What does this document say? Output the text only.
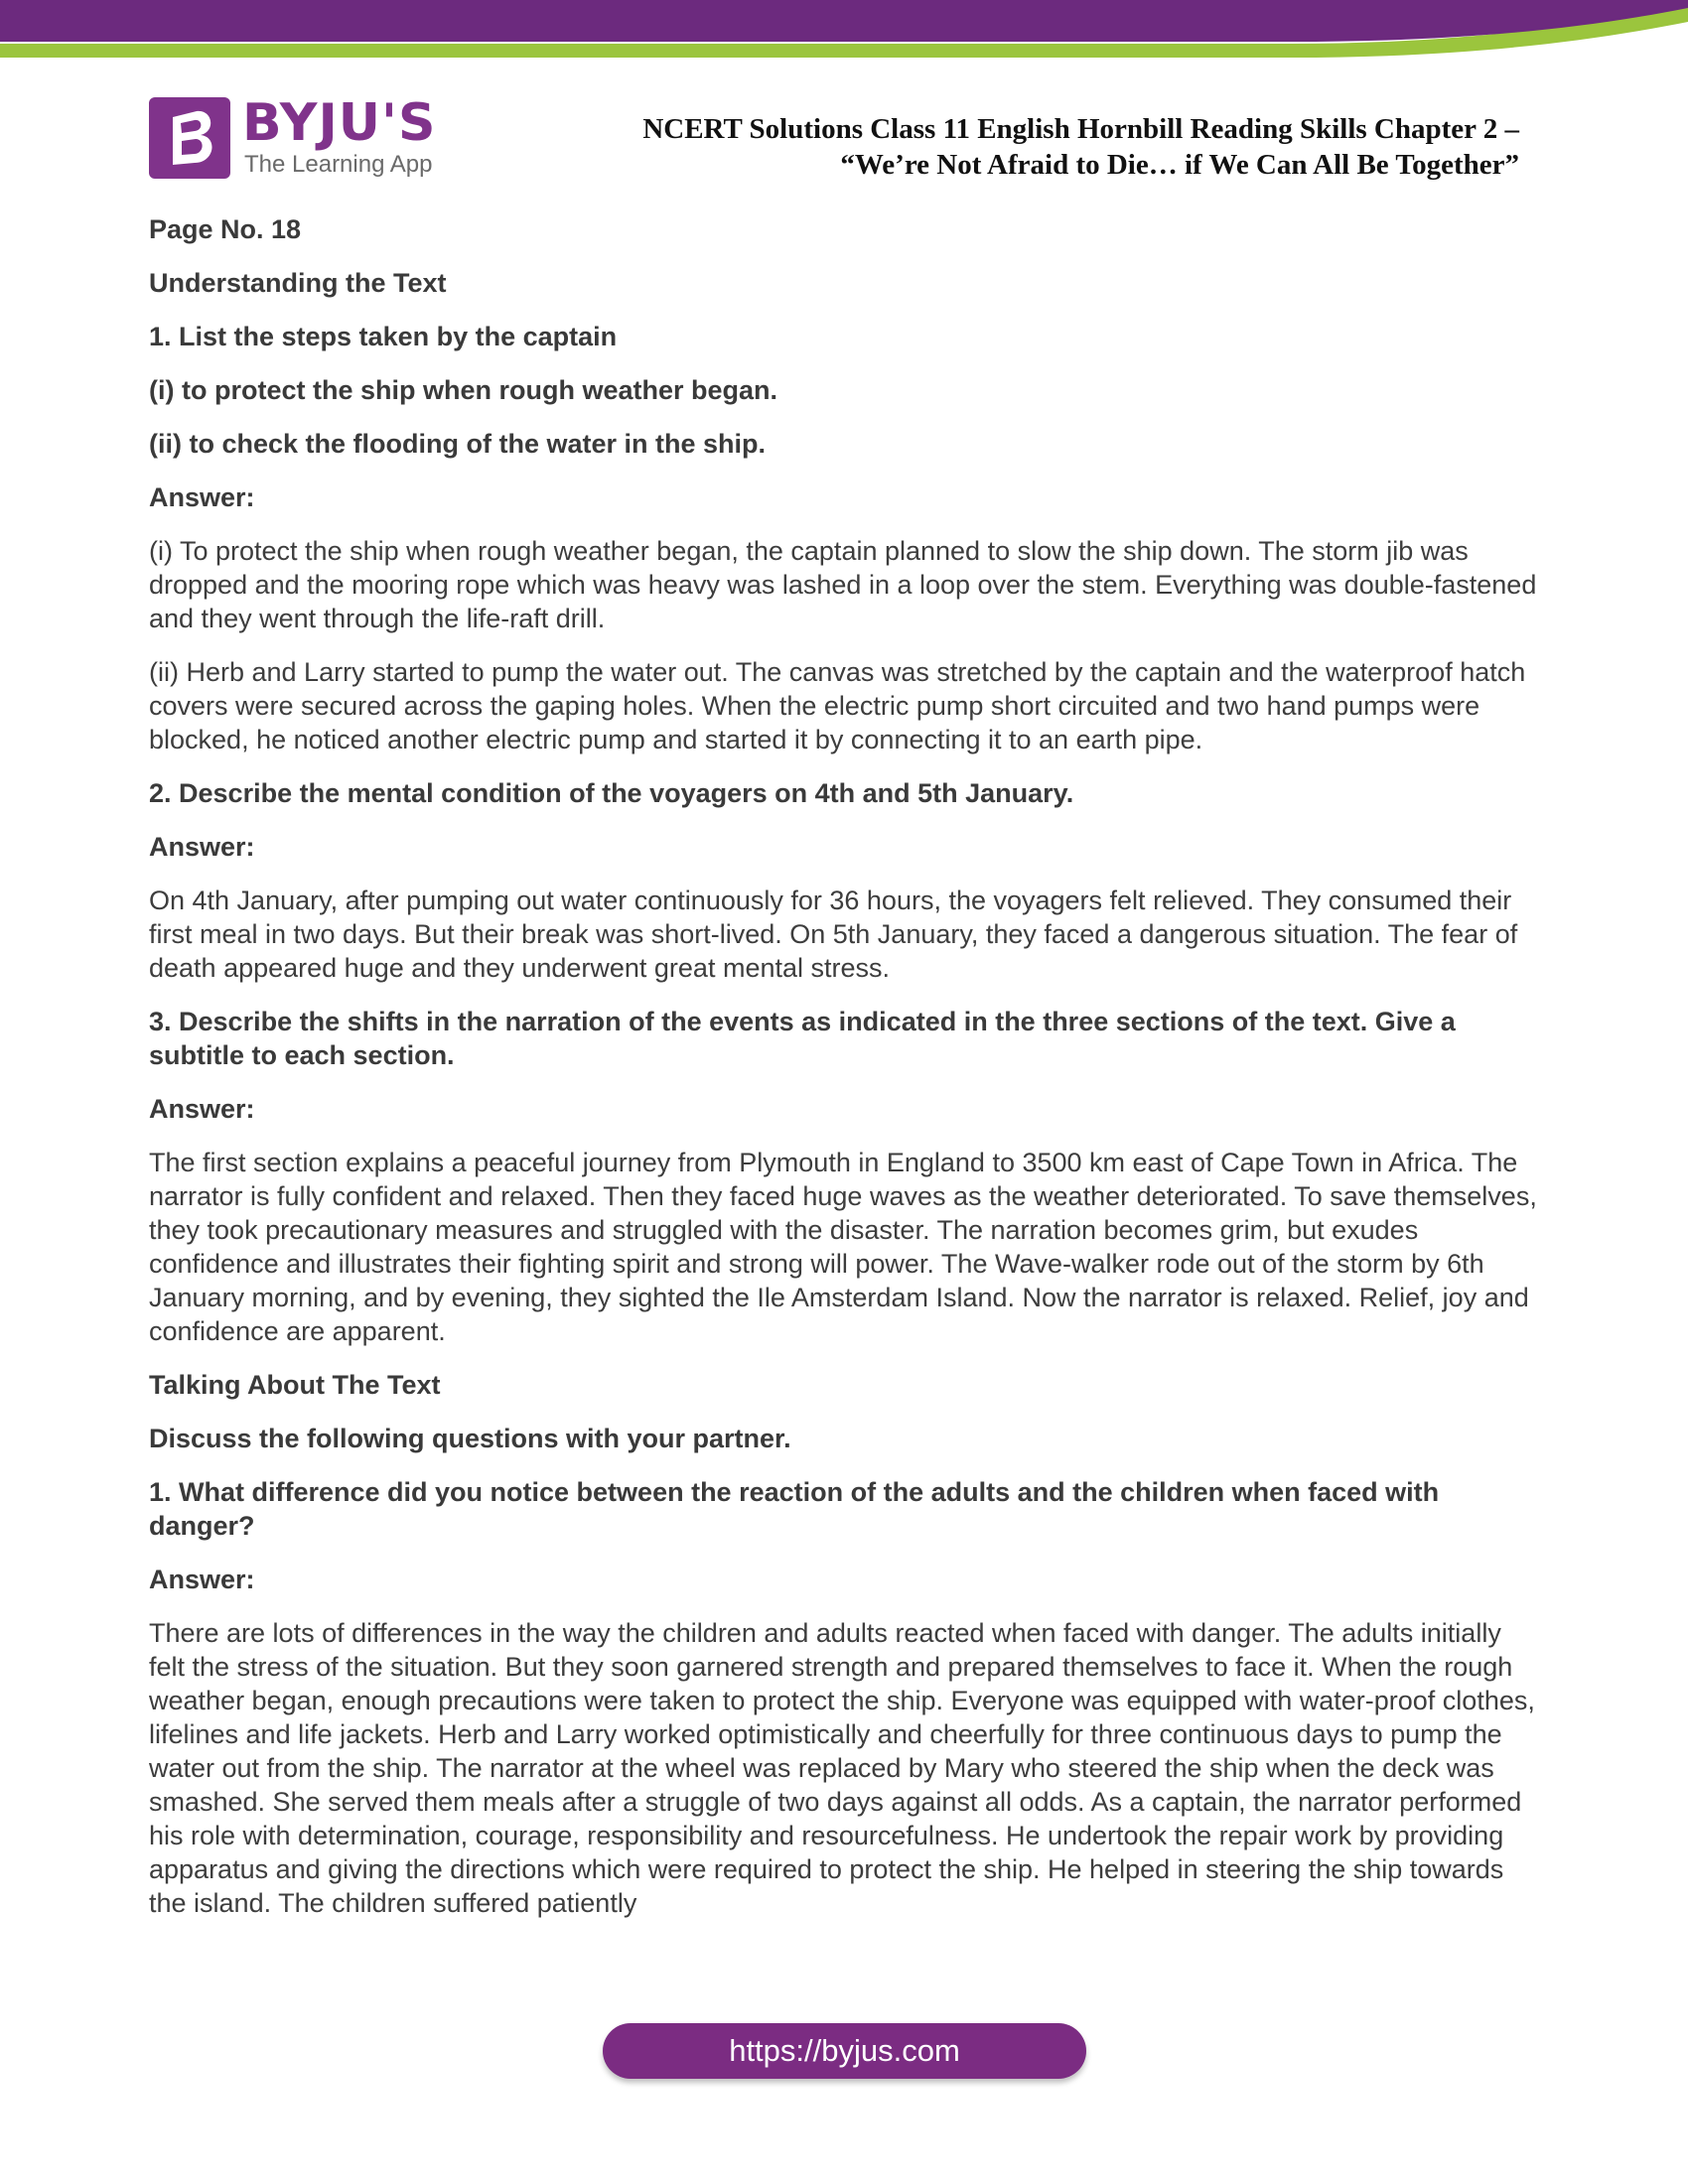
BYJU'S
The Learning App
NCERT Solutions Class 11 English Hornbill Reading Skills Chapter 2 –
“We’re Not Afraid to Die… if We Can All Be Together”

Page No. 18

Understanding the Text

1. List the steps taken by the captain

(i) to protect the ship when rough weather began.

(ii) to check the flooding of the water in the ship.

Answer:

(i) To protect the ship when rough weather began, the captain planned to slow the ship down. The storm jib was dropped and the mooring rope which was heavy was lashed in a loop over the stem. Everything was double-fastened and they went through the life-raft drill.

(ii) Herb and Larry started to pump the water out. The canvas was stretched by the captain and the waterproof hatch covers were secured across the gaping holes. When the electric pump short circuited and two hand pumps were blocked, he noticed another electric pump and started it by connecting it to an earth pipe.

2. Describe the mental condition of the voyagers on 4th and 5th January.

Answer:

On 4th January, after pumping out water continuously for 36 hours, the voyagers felt relieved. They consumed their first meal in two days. But their break was short-lived. On 5th January, they faced a dangerous situation. The fear of death appeared huge and they underwent great mental stress.

3. Describe the shifts in the narration of the events as indicated in the three sections of the text. Give a subtitle to each section.

Answer:

The first section explains a peaceful journey from Plymouth in England to 3500 km east of Cape Town in Africa. The narrator is fully confident and relaxed. Then they faced huge waves as the weather deteriorated. To save themselves, they took precautionary measures and struggled with the disaster. The narration becomes grim, but exudes confidence and illustrates their fighting spirit and strong will power. The Wave-walker rode out of the storm by 6th January morning, and by evening, they sighted the Ile Amsterdam Island. Now the narrator is relaxed. Relief, joy and confidence are apparent.

Talking About The Text

Discuss the following questions with your partner.

1. What difference did you notice between the reaction of the adults and the children when faced with danger?

Answer:

There are lots of differences in the way the children and adults reacted when faced with danger. The adults initially felt the stress of the situation. But they soon garnered strength and prepared themselves to face it. When the rough weather began, enough precautions were taken to protect the ship. Everyone was equipped with water-proof clothes, lifelines and life jackets. Herb and Larry worked optimistically and cheerfully for three continuous days to pump the water out from the ship. The narrator at the wheel was replaced by Mary who steered the ship when the deck was smashed. She served them meals after a struggle of two days against all odds. As a captain, the narrator performed his role with determination, courage, responsibility and resourcefulness. He undertook the repair work by providing apparatus and giving the directions which were required to protect the ship. He helped in steering the ship towards the island. The children suffered patiently

https://byjus.com
